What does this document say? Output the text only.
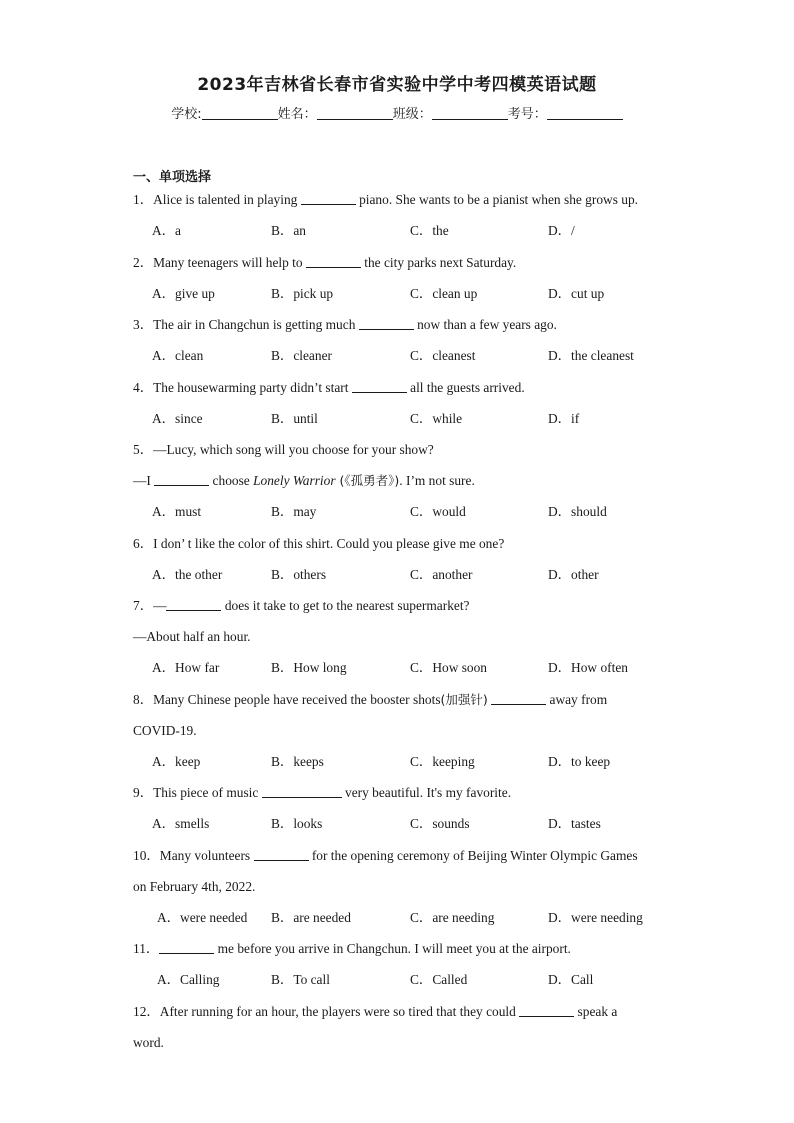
2023年吉林省长春市省实验中学中考四模英语试题
学校:	姓名：	班级：	考号：
一、单项选择
1．Alice is talented in playing	piano. She wants to be a pianist when she grows up.
A．a	B．an	C．the	D．/
2．Many teenagers will help to	the city parks next Saturday.
A．give up	B．pick up	C．clean up	D．cut up
3．The air in Changchun is getting much	now than a few years ago.
A．clean	B．cleaner	C．cleanest	D．the cleanest
4．The housewarming party didn’t start	all the guests arrived.
A．since	B．until	C．while	D．if
5．—Lucy, which song will you choose for your show?
—I	choose Lonely Warrior (《孤勇者》). I’m not sure.
A．must	B．may	C．would	D．should
6．I don’ t like the color of this shirt. Could you please give me one?
A．the other	B．others	C．another	D．other
7．—	does it take to get to the nearest supermarket?
—About half an hour.
A．How far	B．How long	C．How soon	D．How often
8．Many Chinese people have received the booster shots(加强针)	away from
COVID-19.
A．keep	B．keeps	C．keeping	D．to keep
9．This piece of music	very beautiful. It's my favorite.
A．smells	B．looks	C．sounds	D．tastes
10．Many volunteers	for the opening ceremony of Beijing Winter Olympic Games
on February 4th, 2022.
A．were needed B．are needed	C．are needing	D．were needing
11．	me before you arrive in Changchun. I will meet you at the airport.
A．Calling	B．To call	C．Called	D．Call
12．After running for an hour, the players were so tired that they could	speak a
word.
